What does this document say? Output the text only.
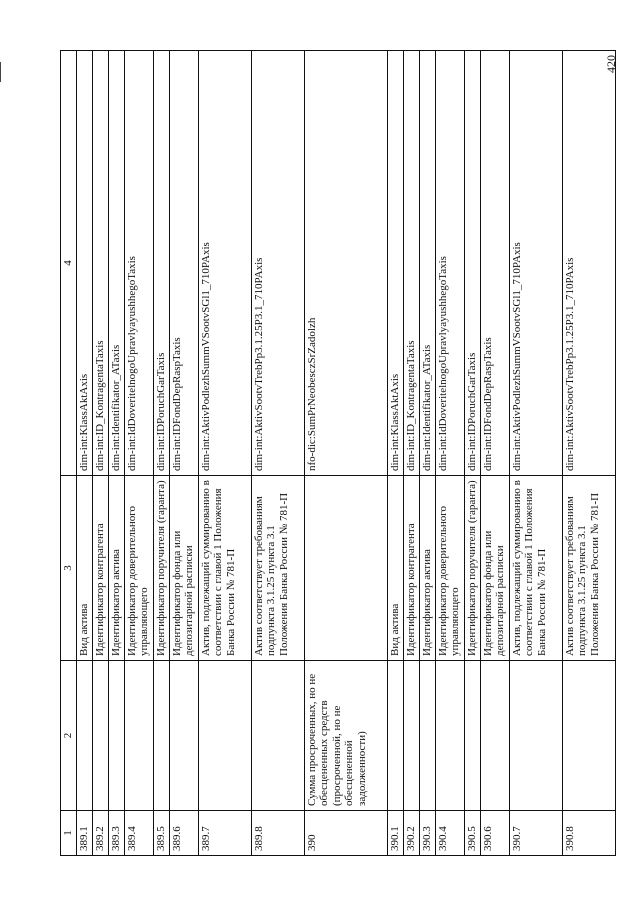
420
1	2	3	4
389.1		Вид актива	dim-int:KlassAktAxis
389.2		Идентификатор контрагента	dim-int:ID_KontragentaTaxis
389.3		Идентификатор актива	dim-int:Identifikator_ATaxis
389.4		Идентификатор доверительного управляющего	dim-int:IdDoveritelnogoUpravlyayushhegoTaxis
389.5		Идентификатор поручителя (гаранта)	dim-int:IDPoruchGarTaxis
389.6		Идентификатор фонда или депозитарной расписки	dim-int:IDFondDepRaspTaxis
389.7		Актив, подлежащий суммированию в соответствии с главой 1 Положения Банка России № 781-П	dim-int:AktivPodlezhSummVSootvSGl1_710PAxis
389.8		Актив соответствует требованиям подпункта 3.1.25 пункта 3.1 Положения Банка России № 781-П	dim-int:AktivSootvTrebPp3.1.25P3.1_710PAxis
390	Сумма просроченных, но не обесцененных средств (просроченной, но не обесцененной задолженности)		nfo-dic:SumPrNeobesczSrZadolzh
390.1		Вид актива	dim-int:KlassAktAxis
390.2		Идентификатор контрагента	dim-int:ID_KontragentaTaxis
390.3		Идентификатор актива	dim-int:Identifikator_ATaxis
390.4		Идентификатор доверительного управляющего	dim-int:IdDoveritelnogoUpravlyayushhegoTaxis
390.5		Идентификатор поручителя (гаранта)	dim-int:IDPoruchGarTaxis
390.6		Идентификатор фонда или депозитарной расписки	dim-int:IDFondDepRaspTaxis
390.7		Актив, подлежащий суммированию в соответствии с главой 1 Положения Банка России № 781-П	dim-int:AktivPodlezhSummVSootvSGl1_710PAxis
390.8		Актив соответствует требованиям подпункта 3.1.25 пункта 3.1 Положения Банка России № 781-П	dim-int:AktivSootvTrebPp3.1.25P3.1_710PAxis
